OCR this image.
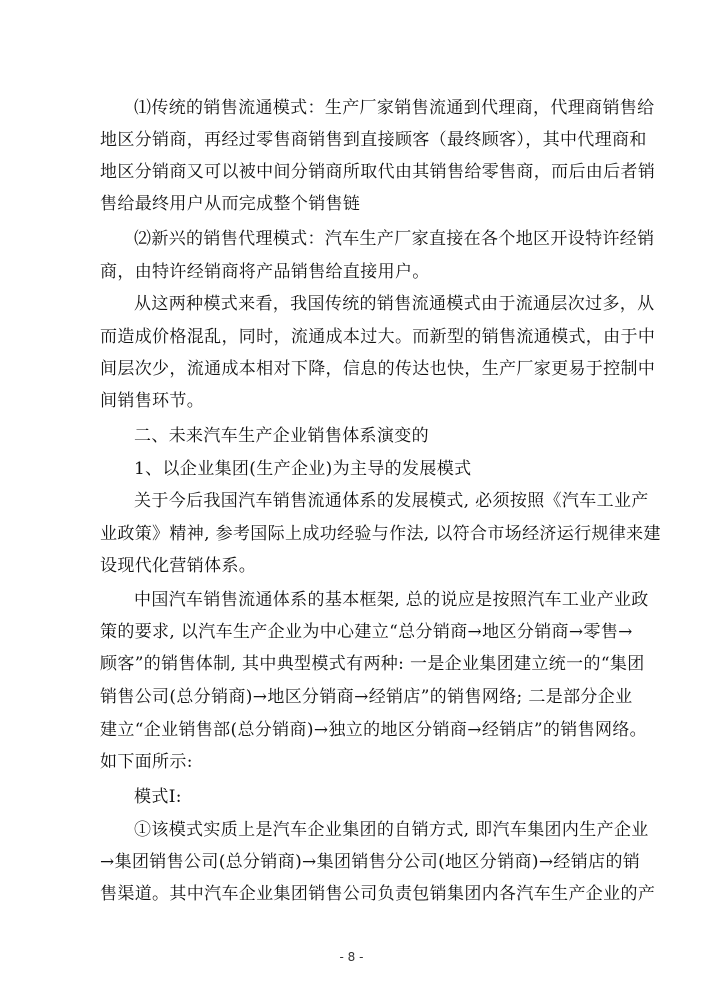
⑴传统的销售流通模式：生产厂家销售流通到代理商，代理商销售给
地区分销商，再经过零售商销售到直接顾客（最终顾客），其中代理商和
地区分销商又可以被中间分销商所取代由其销售给零售商，而后由后者销
售给最终用户从而完成整个销售链
⑵新兴的销售代理模式：汽车生产厂家直接在各个地区开设特许经销
商，由特许经销商将产品销售给直接用户。
从这两种模式来看，我国传统的销售流通模式由于流通层次过多，从
而造成价格混乱，同时，流通成本过大。而新型的销售流通模式，由于中
间层次少，流通成本相对下降，信息的传达也快，生产厂家更易于控制中
间销售环节。
二、未来汽车生产企业销售体系演变的
1、以企业集团(生产企业)为主导的发展模式
关于今后我国汽车销售流通体系的发展模式, 必须按照《汽车工业产
业政策》精神, 参考国际上成功经验与作法, 以符合市场经济运行规律来建
设现代化营销体系。
中国汽车销售流通体系的基本框架, 总的说应是按照汽车工业产业政
策的要求, 以汽车生产企业为中心建立“总分销商→地区分销商→零售→
顾客”的销售体制, 其中典型模式有两种: 一是企业集团建立统一的“集团
销售公司(总分销商)→地区分销商→经销店”的销售网络; 二是部分企业
建立“企业销售部(总分销商)→独立的地区分销商→经销店”的销售网络。
如下面所示:
模式Ⅰ:
①该模式实质上是汽车企业集团的自销方式, 即汽车集团内生产企业
→集团销售公司(总分销商)→集团销售分公司(地区分销商)→经销店的销
售渠道。其中汽车企业集团销售公司负责包销集团内各汽车生产企业的产
- 8 -
